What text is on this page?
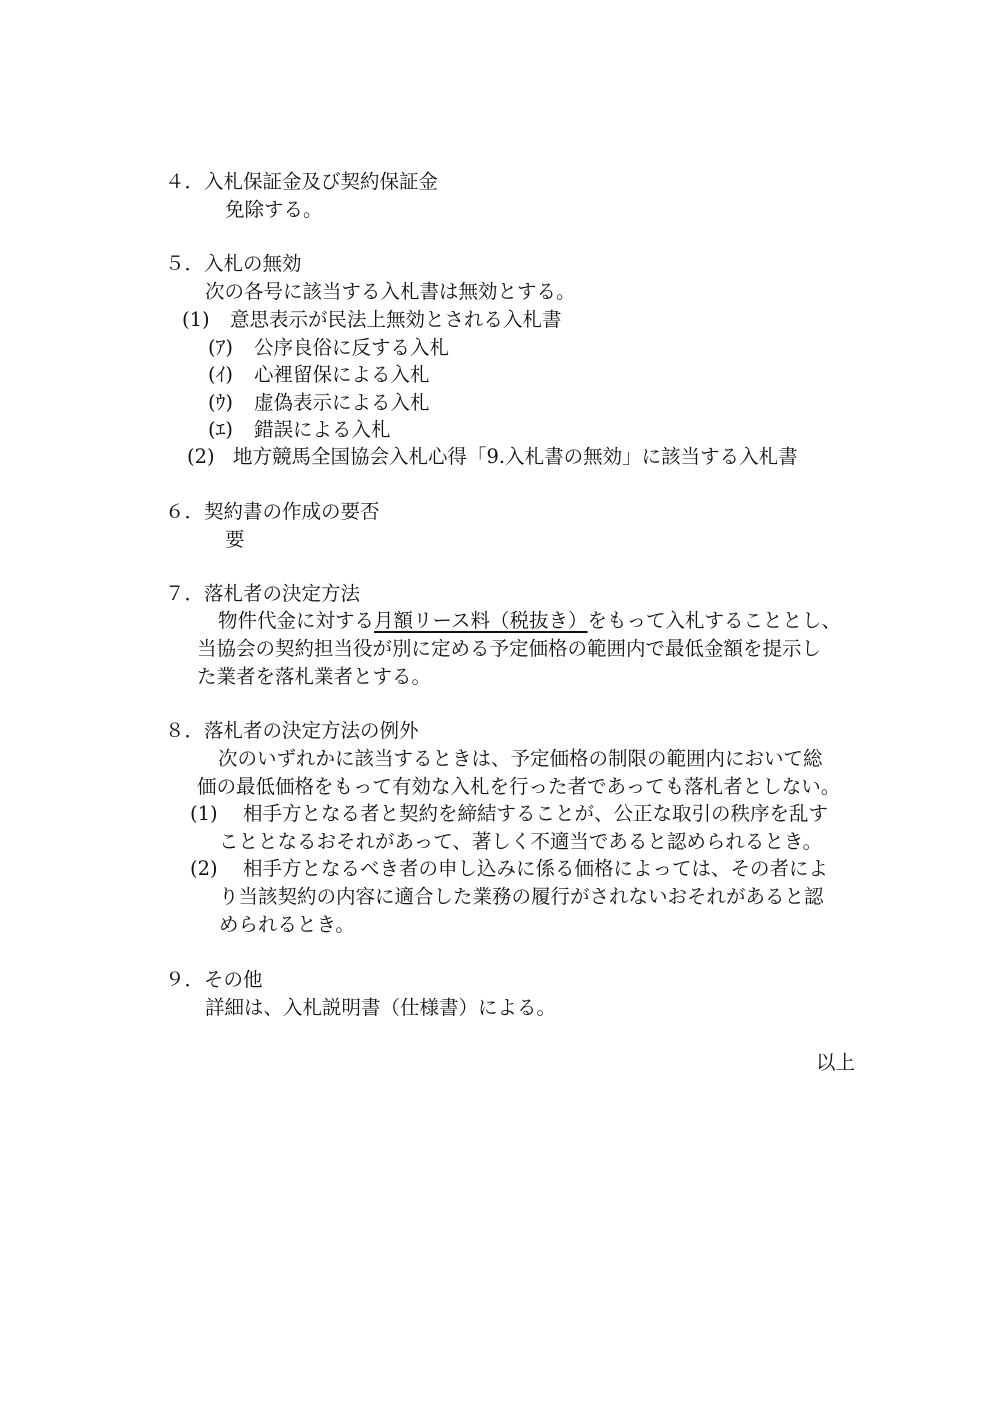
４．入札保証金及び契約保証金
免除する。
５．入札の無効
次の各号に該当する入札書は無効とする。
(1) 意思表示が民法上無効とされる入札書
(ｱ) 公序良俗に反する入札
(ｲ) 心裡留保による入札
(ｳ) 虚偽表示による入札
(ｴ) 錯誤による入札
(2) 地方競馬全国協会入札心得「9.入札書の無効」に該当する入札書
６．契約書の作成の要否
要
７．落札者の決定方法
物件代金に対する月額リース料（税抜き）をもって入札することとし、
当協会の契約担当役が別に定める予定価格の範囲内で最低金額を提示し
た業者を落札業者とする。
８．落札者の決定方法の例外
次のいずれかに該当するときは、予定価格の制限の範囲内において総
価の最低価格をもって有効な入札を行った者であっても落札者としない。
(1) 相手方となる者と契約を締結することが、公正な取引の秩序を乱す
こととなるおそれがあって、著しく不適当であると認められるとき。
(2) 相手方となるべき者の申し込みに係る価格によっては、その者によ
り当該契約の内容に適合した業務の履行がされないおそれがあると認
められるとき。
９．その他
詳細は、入札説明書（仕様書）による。
以上
